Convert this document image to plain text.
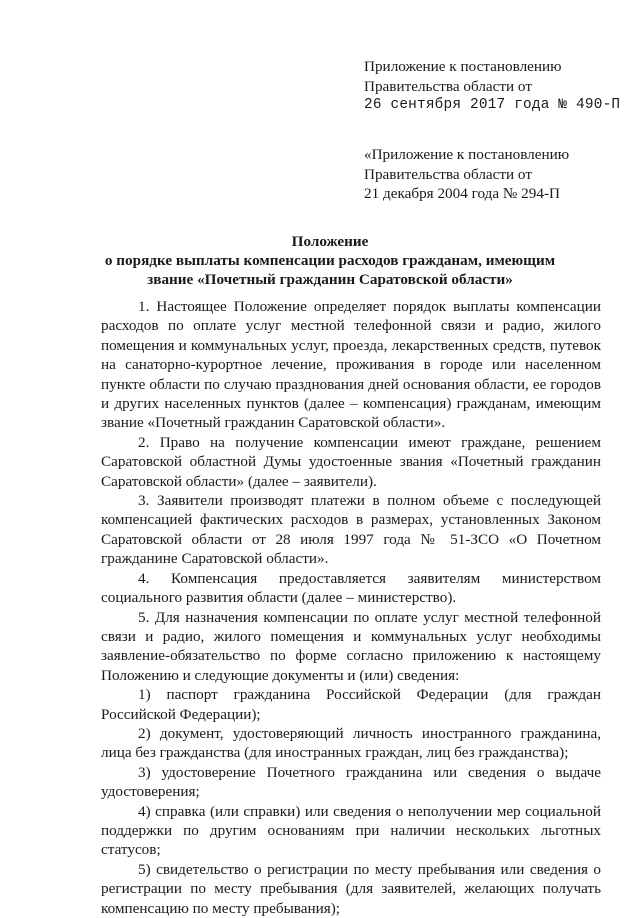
Приложение к постановлению
Правительства области от
26 сентября 2017 года № 490-П
«Приложение к постановлению
Правительства области от
21 декабря 2004 года № 294-П
Положение
о порядке выплаты компенсации расходов гражданам, имеющим
звание «Почетный гражданин Саратовской области»

1. Настоящее Положение определяет порядок выплаты компенсации расходов по оплате услуг местной телефонной связи и радио, жилого помещения и коммунальных услуг, проезда, лекарственных средств, путевок на санаторно-курортное лечение, проживания в городе или населенном пункте области по случаю празднования дней основания области, ее городов и других населенных пунктов (далее – компенсация) гражданам, имеющим звание «Почетный гражданин Саратовской области».

2. Право на получение компенсации имеют граждане, решением Саратовской областной Думы удостоенные звания «Почетный гражданин Саратовской области» (далее – заявители).

3. Заявители производят платежи в полном объеме с последующей компенсацией фактических расходов в размерах, установленных Законом Саратовской области от 28 июля 1997 года № 51-ЗСО «О Почетном гражданине Саратовской области».

4. Компенсация предоставляется заявителям министерством социального развития области (далее – министерство).

5. Для назначения компенсации по оплате услуг местной телефонной связи и радио, жилого помещения и коммунальных услуг необходимы заявление-обязательство по форме согласно приложению к настоящему Положению и следующие документы и (или) сведения:

1) паспорт гражданина Российской Федерации (для граждан Российской Федерации);

2) документ, удостоверяющий личность иностранного гражданина, лица без гражданства (для иностранных граждан, лиц без гражданства);

3) удостоверение Почетного гражданина или сведения о выдаче удостоверения;

4) справка (или справки) или сведения о неполучении мер социальной поддержки по другим основаниям при наличии нескольких льготных статусов;

5) свидетельство о регистрации по месту пребывания или сведения о регистрации по месту пребывания (для заявителей, желающих получать компенсацию по месту пребывания);
